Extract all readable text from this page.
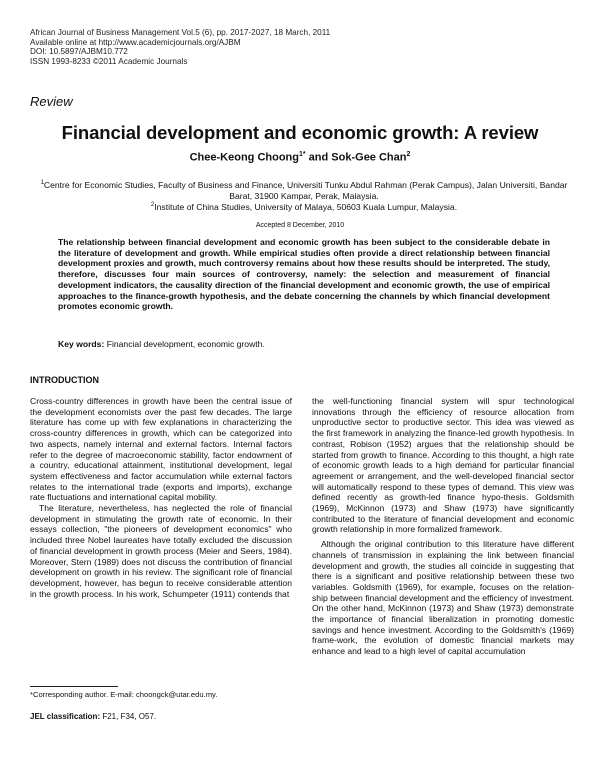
African Journal of Business Management Vol.5 (6), pp. 2017-2027, 18 March, 2011
Available online at http://www.academicjournals.org/AJBM
DOI: 10.5897/AJBM10.772
ISSN 1993-8233 ©2011 Academic Journals
Review
Financial development and economic growth: A review
Chee-Keong Choong$^{1*}$ and Sok-Gee Chan$^2$
$^1$Centre for Economic Studies, Faculty of Business and Finance, Universiti Tunku Abdul Rahman (Perak Campus), Jalan Universiti, Bandar Barat, 31900 Kampar, Perak, Malaysia.
$^2$Institute of China Studies, University of Malaya, 50603 Kuala Lumpur, Malaysia.
Accepted 8 December, 2010
The relationship between financial development and economic growth has been subject to the considerable debate in the literature of development and growth. While empirical studies often provide a direct relationship between financial development proxies and growth, much controversy remains about how these results should be interpreted. The study, therefore, discusses four main sources of controversy, namely: the selection and measurement of financial development indicators, the causality direction of the financial development and economic growth, the use of empirical approaches to the finance-growth hypothesis, and the debate concerning the channels by which financial development promotes economic growth.
Key words: Financial development, economic growth.
INTRODUCTION

Cross-country differences in growth have been the central issue of the development economists over the past few decades. The large literature has come up with few explanations in characterizing the cross-country differences in growth, which can be categorized into two aspects, namely internal and external factors. Internal factors refer to the degree of macroeconomic stability, factor endowment of a country, educational attainment, institutional development, legal system effectiveness and factor accumulation while external factors relates to the international trade (exports and imports), exchange rate fluctuations and international capital mobility.

The literature, nevertheless, has neglected the role of financial development in stimulating the growth rate of economic. In their essays collection, "the pioneers of development economics" who included three Nobel laureates have totally excluded the discussion of financial development in growth process (Meier and Seers, 1984). Moreover, Stern (1989) does not discuss the contribution of financial development on growth in his review. The significant role of financial development, however, has begun to receive considerable attention in the growth process. In his work, Schumpeter (1911) contends that

the well-functioning financial system will spur technological innovations through the efficiency of resource allocation from unproductive sector to productive sector. This idea was viewed as the first framework in analyzing the finance-led growth hypothesis. In contrast, Robison (1952) argues that the relationship should be started from growth to finance. According to this thought, a high rate of economic growth leads to a high demand for particular financial agreement or arrangement, and the well-developed financial sector will automatically respond to these types of demand. This view was defined recently as growth-led finance hypo-thesis. Goldsmith (1969), McKinnon (1973) and Shaw (1973) have significantly contributed to the literature of financial development and economic growth relationship in more formalized framework.

Although the original contribution to this literature have different channels of transmission in explaining the link between financial development and growth, the studies all coincide in suggesting that there is a significant and positive relationship between these two variables. Goldsmith (1969), for example, focuses on the relation-ship between financial development and the efficiency of investment. On the other hand, McKinnon (1973) and Shaw (1973) demonstrate the importance of financial liberalization in promoting domestic savings and hence investment. According to the Goldsmith's (1969) frame-work, the evolution of domestic financial markets may enhance and lead to a high level of capital accumulation

*Corresponding author. E-mail: choongck@utar.edu.my.
JEL classification: F21, F34, O57.
